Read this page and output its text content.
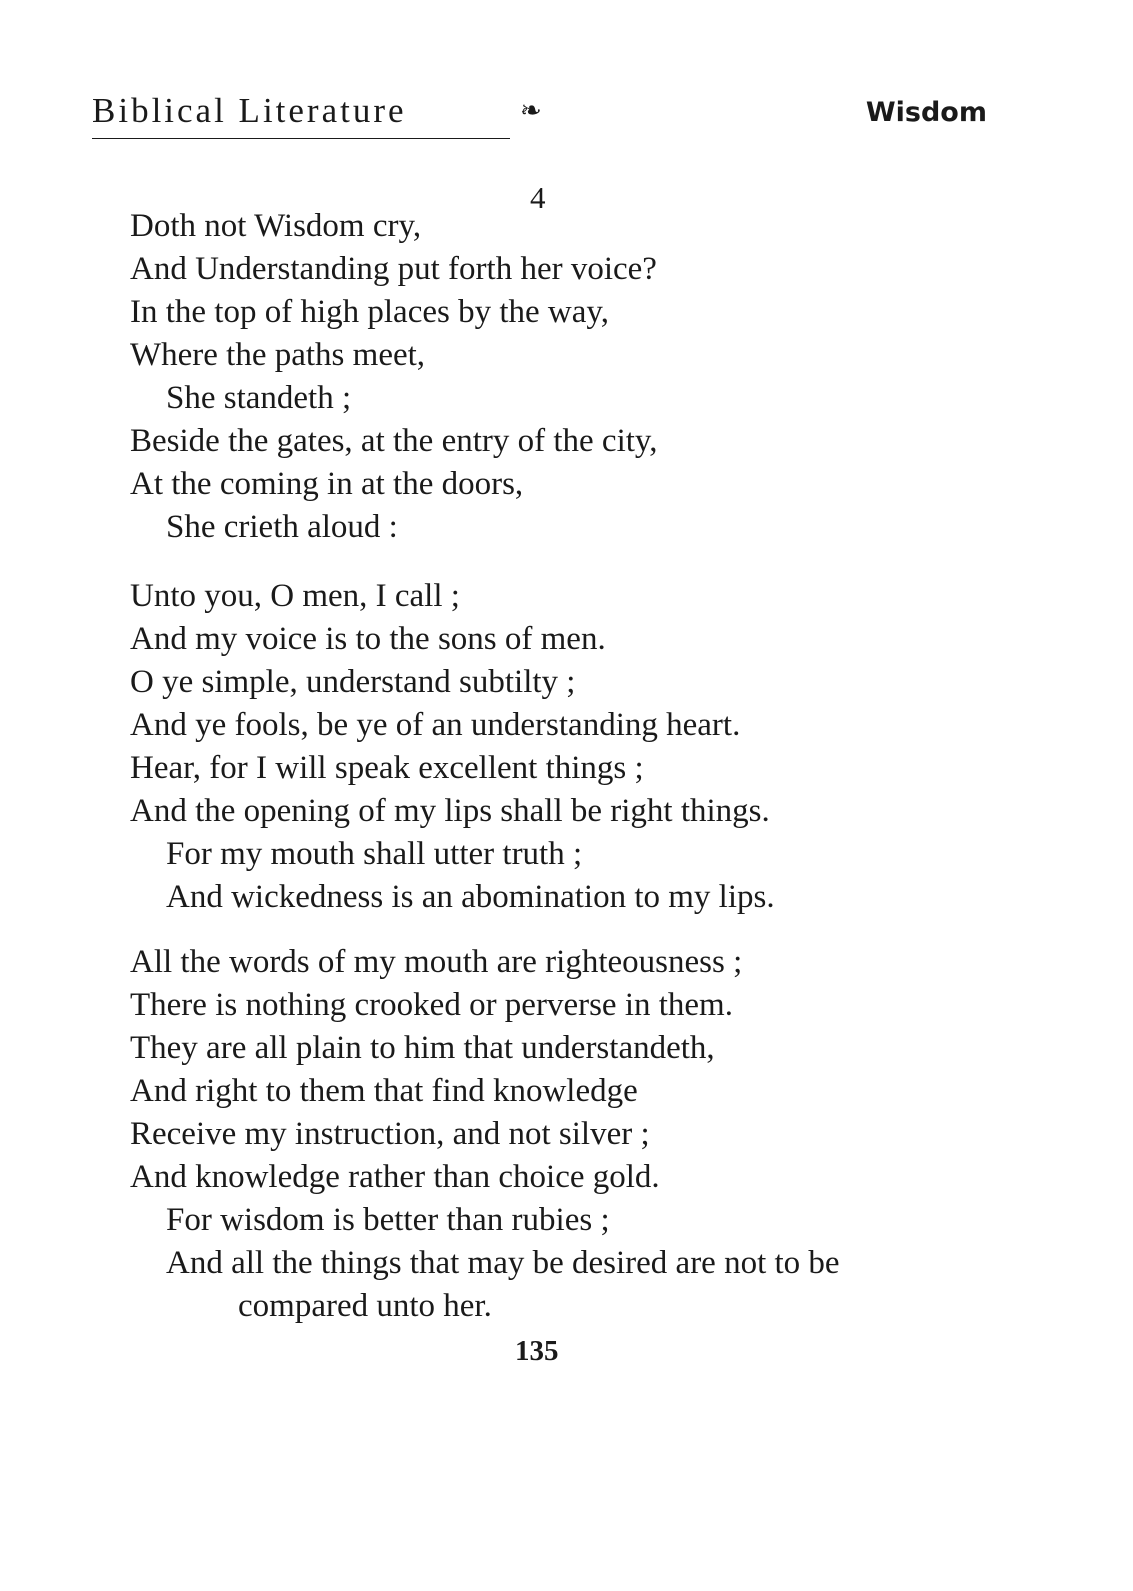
Biblical Literature	❧	Wisdom
4
Doth not Wisdom cry,
And Understanding put forth her voice?
In the top of high places by the way,
Where the paths meet,
She standeth ;
Beside the gates, at the entry of the city,
At the coming in at the doors,
She crieth aloud :
Unto you, O men, I call ;
And my voice is to the sons of men.
O ye simple, understand subtilty ;
And ye fools, be ye of an understanding heart.
Hear, for I will speak excellent things ;
And the opening of my lips shall be right things.
For my mouth shall utter truth ;
And wickedness is an abomination to my lips.
All the words of my mouth are righteousness ;
There is nothing crooked or perverse in them.
They are all plain to him that understandeth,
And right to them that find knowledge
Receive my instruction, and not silver ;
And knowledge rather than choice gold.
For wisdom is better than rubies ;
And all the things that may be desired are not to be
compared unto her.
135
